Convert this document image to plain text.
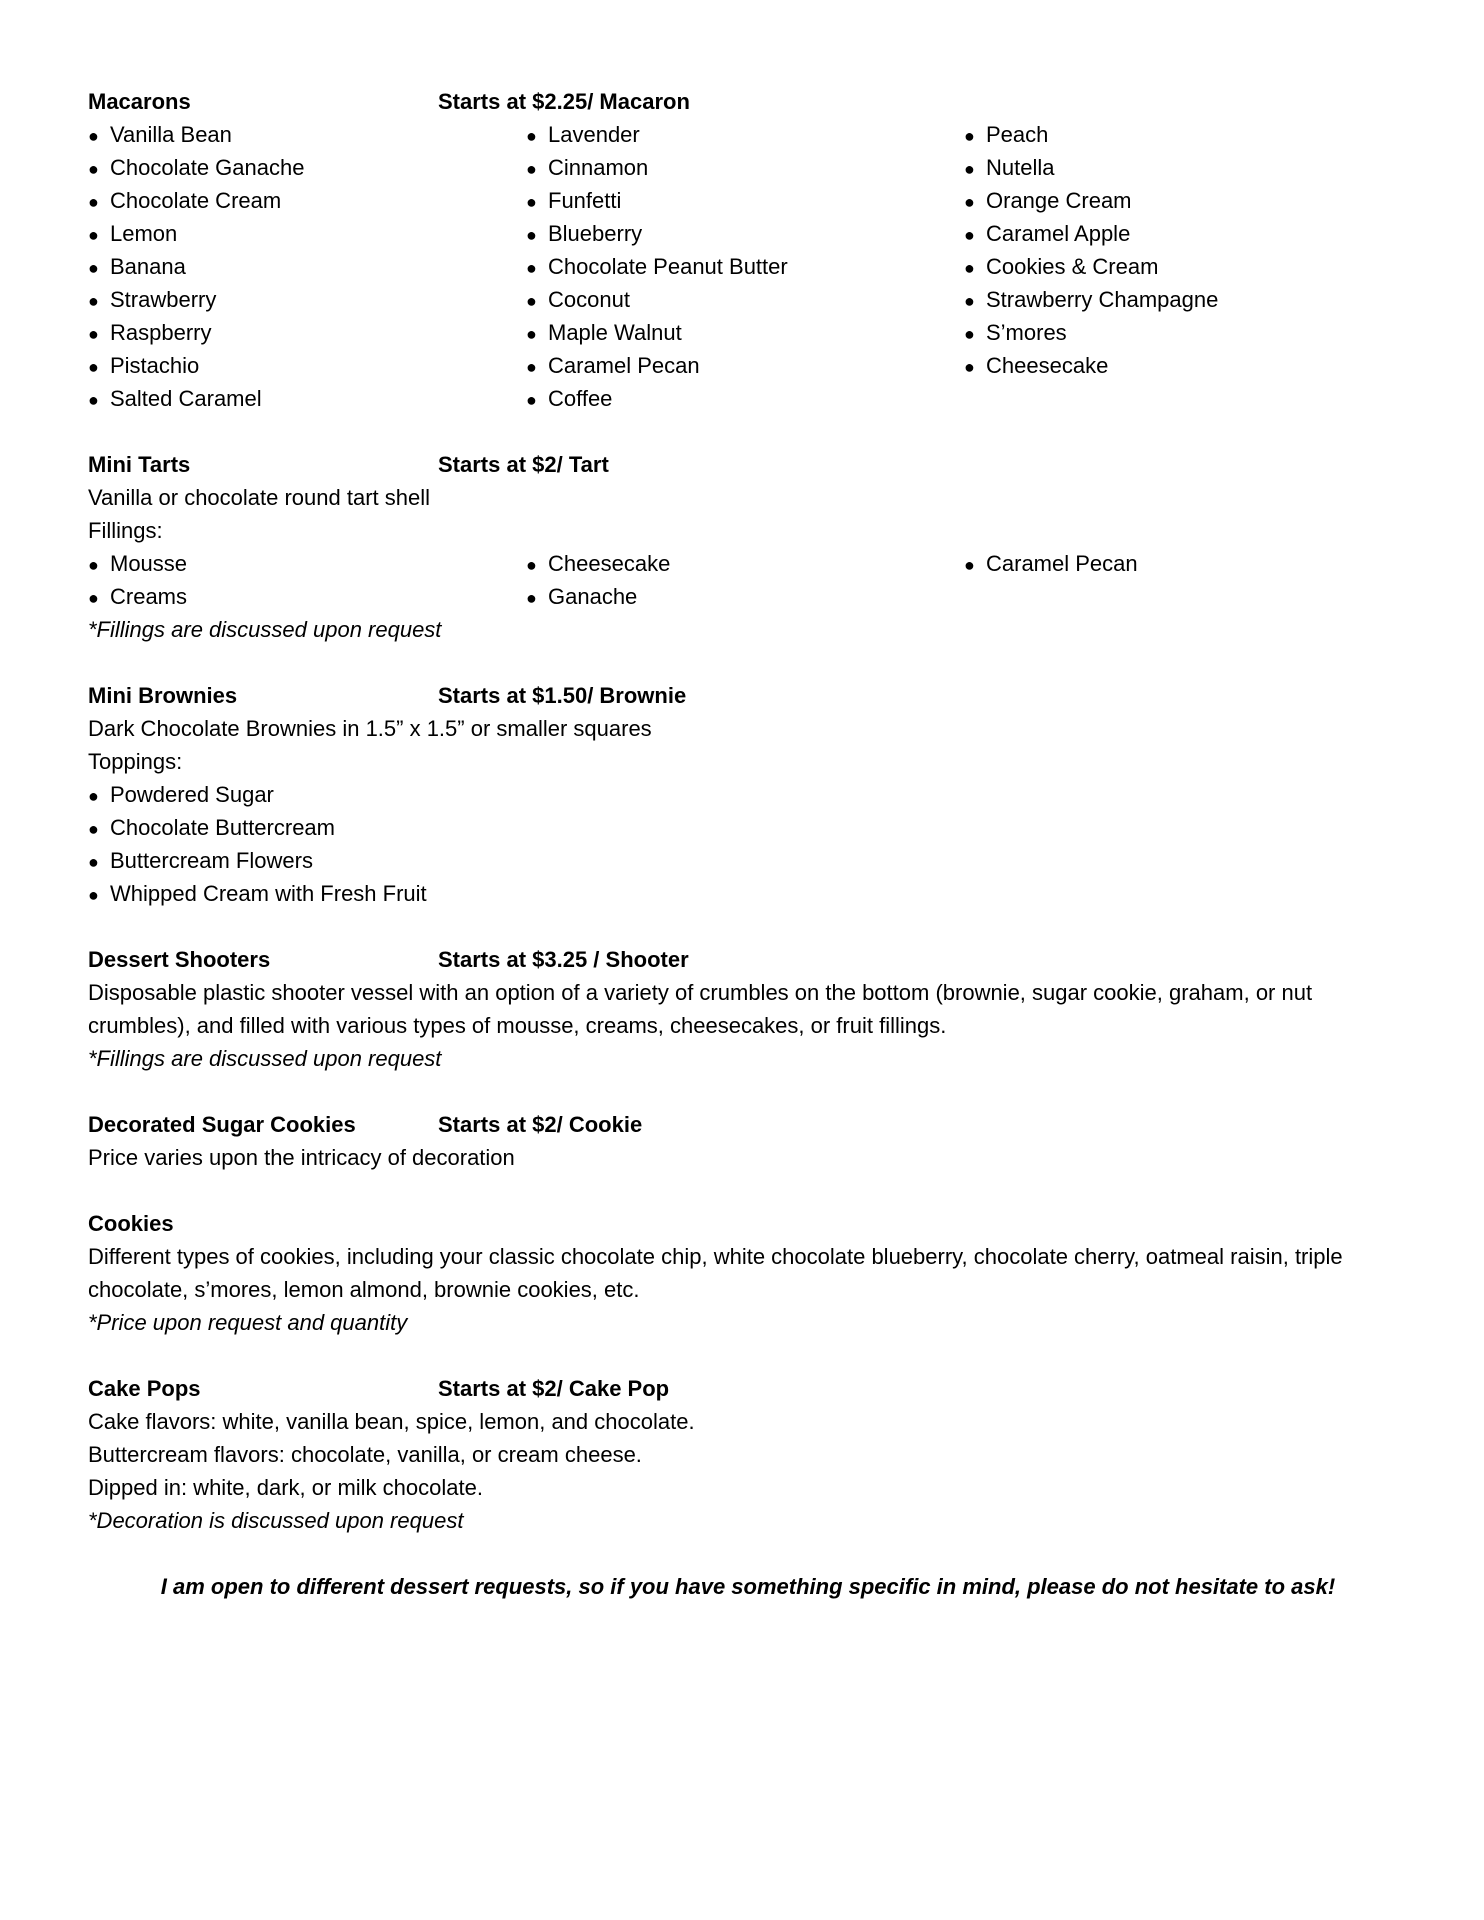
Macarons	Starts at $2.25/ Macaron
● Vanilla Bean
● Chocolate Ganache
● Chocolate Cream
● Lemon
● Banana
● Strawberry
● Raspberry
● Pistachio
● Salted Caramel
● Lavender
● Cinnamon
● Funfetti
● Blueberry
● Chocolate Peanut Butter
● Coconut
● Maple Walnut
● Caramel Pecan
● Coffee
● Peach
● Nutella
● Orange Cream
● Caramel Apple
● Cookies & Cream
● Strawberry Champagne
● S’mores
● Cheesecake
Mini Tarts	Starts at $2/ Tart
Vanilla or chocolate round tart shell
Fillings:
● Mousse
● Creams
● Cheesecake
● Ganache
● Caramel Pecan
*Fillings are discussed upon request
Mini Brownies	Starts at $1.50/ Brownie
Dark Chocolate Brownies in 1.5” x 1.5” or smaller squares
Toppings:
● Powdered Sugar
● Chocolate Buttercream
● Buttercream Flowers
● Whipped Cream with Fresh Fruit
Dessert Shooters	Starts at $3.25 / Shooter
Disposable plastic shooter vessel with an option of a variety of crumbles on the bottom (brownie, sugar cookie, graham, or nut crumbles), and filled with various types of mousse, creams, cheesecakes, or fruit fillings.
*Fillings are discussed upon request
Decorated Sugar Cookies	Starts at $2/ Cookie
Price varies upon the intricacy of decoration
Cookies
Different types of cookies, including your classic chocolate chip, white chocolate blueberry, chocolate cherry, oatmeal raisin, triple chocolate, s’mores, lemon almond, brownie cookies, etc.
*Price upon request and quantity
Cake Pops	Starts at $2/ Cake Pop
Cake flavors: white, vanilla bean, spice, lemon, and chocolate.
Buttercream flavors: chocolate, vanilla, or cream cheese.
Dipped in: white, dark, or milk chocolate.
*Decoration is discussed upon request
I am open to different dessert requests, so if you have something specific in mind, please do not hesitate to ask!
